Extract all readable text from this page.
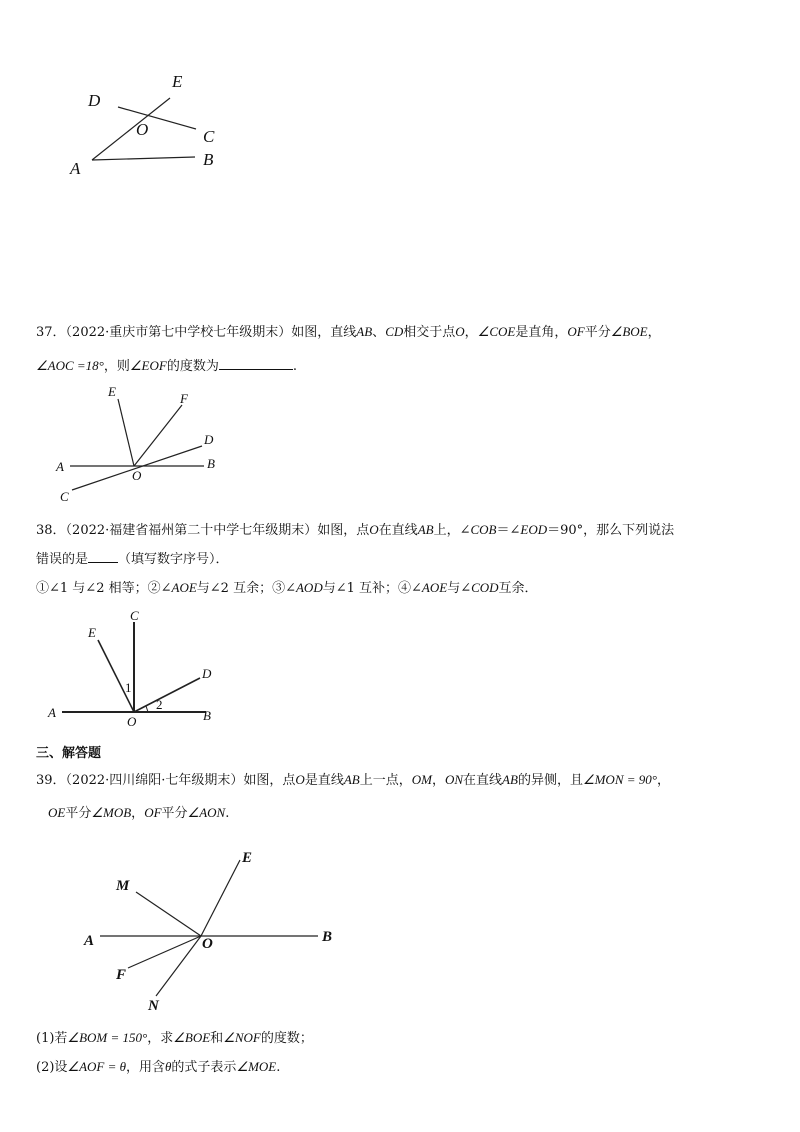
D
E
O	C
A	B
37．（2022·重庆市第七中学校七年级期末）如图，直线AB、CD相交于点O，∠COE是直角，OF平分∠BOE，
∠AOC =18°，则∠EOF的度数为	.
E	F
D
A	B
O
C
38．（2022·福建省福州第二十中学七年级期末）如图，点O在直线AB上，∠COB＝∠EOD＝90°，那么下列说法
错误的是 （填写数字序号）．
①∠1 与∠2 相等；②∠AOE与∠2 互余；③∠AOD与∠1 互补；④∠AOE与∠COD互余．
C
E
D
1
2
A
O	B
三、解答题
39．（2022·四川绵阳·七年级期末）如图，点O是直线AB上一点，OM，ON在直线AB的异侧，且∠MON = 90°，
OE平分∠MOB，OF平分∠AON.
E
M
A	O	B
F
N
(1)若∠BOM = 150°，求∠BOE和∠NOF的度数；
(2)设∠AOF = θ，用含θ的式子表示∠MOE.
